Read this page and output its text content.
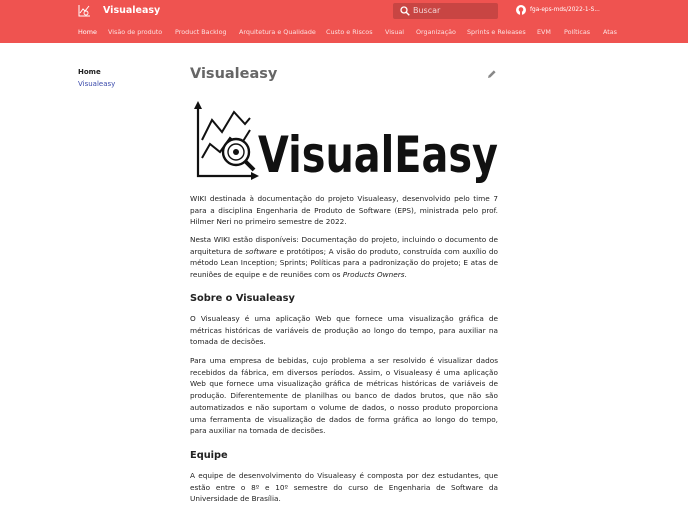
Visualeasy	Buscar	fga-eps-mds/2022-1-S...
Home Visão de produto Product Backlog Arquitetura e Qualidade Custo e Riscos Visual Organização Sprints e Releases EVM Políticas Atas
Home
Visualeasy
Visualeasy
VisualEasy

WIKI destinada à documentação do projeto Visualeasy, desenvolvido pelo time 7 para a disciplina Engenharia de Produto de Software (EPS), ministrada pelo prof. Hilmer Neri no primeiro semestre de 2022.

Nesta WIKI estão disponíveis: Documentação do projeto, incluindo o documento de arquitetura de software e protótipos; A visão do produto, construída com auxílio do método Lean Inception; Sprints; Políticas para a padronização do projeto; E atas de reuniões de equipe e de reuniões com os Products Owners.

Sobre o Visualeasy

O Visualeasy é uma aplicação Web que fornece uma visualização gráfica de métricas históricas de variáveis de produção ao longo do tempo, para auxiliar na tomada de decisões.

Para uma empresa de bebidas, cujo problema a ser resolvido é visualizar dados recebidos da fábrica, em diversos períodos. Assim, o Visualeasy é uma aplicação Web que fornece uma visualização gráfica de métricas históricas de variáveis de produção. Diferentemente de planilhas ou banco de dados brutos, que não são automatizados e não suportam o volume de dados, o nosso produto proporciona uma ferramenta de visualização de dados de forma gráfica ao longo do tempo, para auxiliar na tomada de decisões.

Equipe

A equipe de desenvolvimento do Visualeasy é composta por dez estudantes, que estão entre o 8º e 10º semestre do curso de Engenharia de Software da Universidade de Brasília.
